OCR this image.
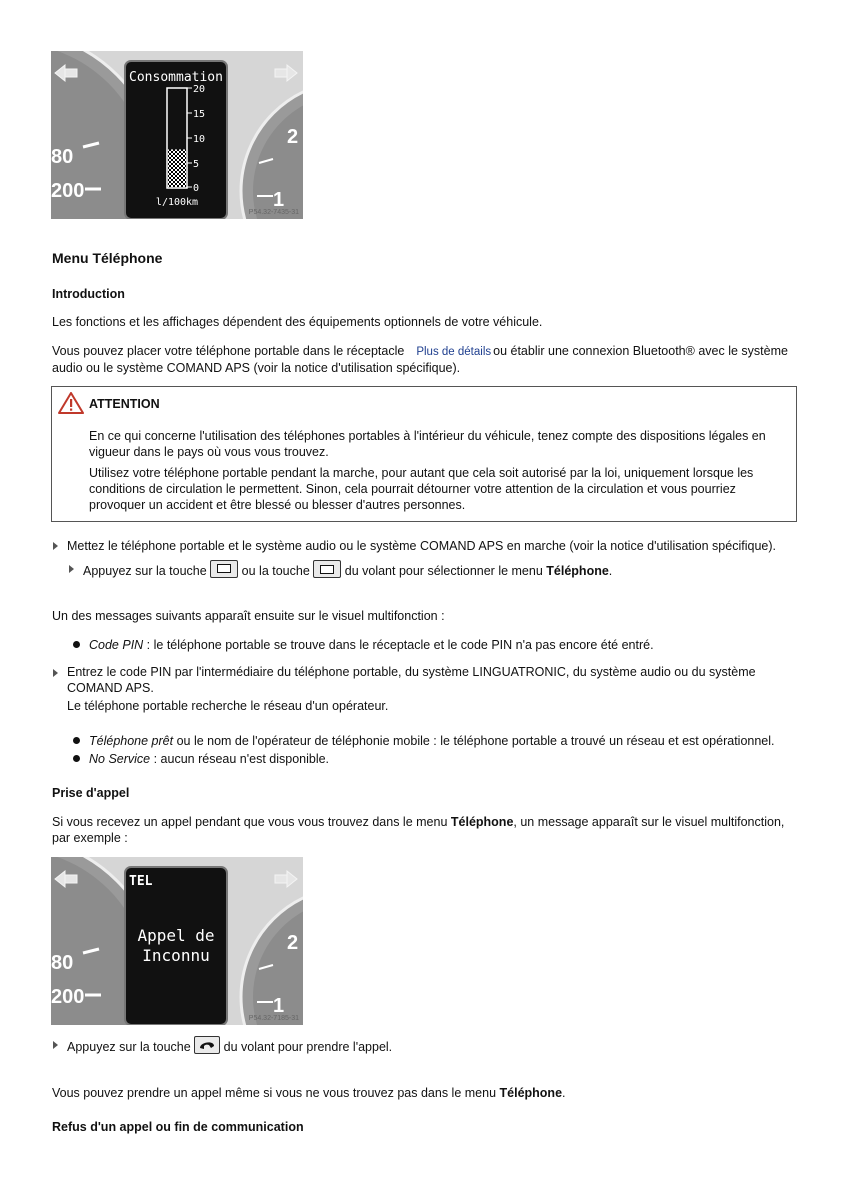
80
200
2
1
Consommation
20
15
10
5
0
l/100km
P54.32-7435-31
Menu Téléphone
Introduction
Les fonctions et les affichages dépendent des équipements optionnels de votre véhicule.
Vous pouvez placer votre téléphone portable dans le réceptacle Plus de détails ou établir une connexion Bluetooth® avec le système audio ou le système COMAND APS (voir la notice d'utilisation spécifique).
ATTENTION
En ce qui concerne l'utilisation des téléphones portables à l'intérieur du véhicule, tenez compte des dispositions légales en vigueur dans le pays où vous vous trouvez.
Utilisez votre téléphone portable pendant la marche, pour autant que cela soit autorisé par la loi, uniquement lorsque les conditions de circulation le permettent. Sinon, cela pourrait détourner votre attention de la circulation et vous pourriez provoquer un accident et être blessé ou blesser d'autres personnes.
Mettez le téléphone portable et le système audio ou le système COMAND APS en marche (voir la notice d'utilisation spécifique).
Appuyez sur la touche	ou la touche	du volant pour sélectionner le menu Téléphone.
Un des messages suivants apparaît ensuite sur le visuel multifonction :
Code PIN : le téléphone portable se trouve dans le réceptacle et le code PIN n'a pas encore été entré.
Entrez le code PIN par l'intermédiaire du téléphone portable, du système LINGUATRONIC, du système audio ou du système COMAND APS.
Le téléphone portable recherche le réseau d'un opérateur.
Téléphone prêt ou le nom de l'opérateur de téléphonie mobile : le téléphone portable a trouvé un réseau et est opérationnel.
No Service : aucun réseau n'est disponible.
Prise d'appel
Si vous recevez un appel pendant que vous vous trouvez dans le menu Téléphone, un message apparaît sur le visuel multifonction, par exemple :
80
200
2
1
TEL
Appel de
Inconnu
P54.32-7185-31
Appuyez sur la touche	du volant pour prendre l'appel.
Vous pouvez prendre un appel même si vous ne vous trouvez pas dans le menu Téléphone.
Refus d'un appel ou fin de communication
